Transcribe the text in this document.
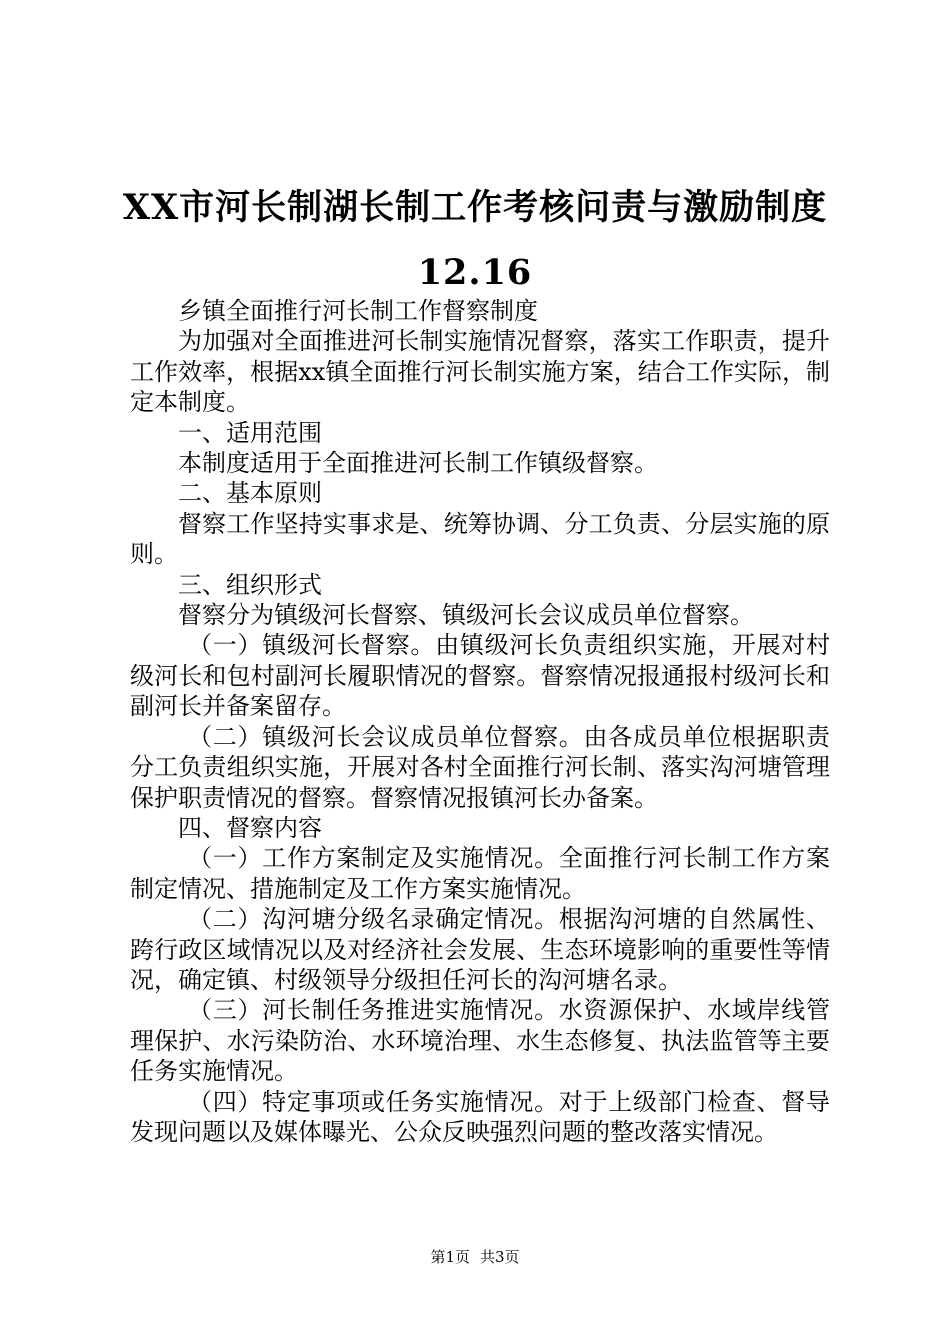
XX市河长制湖长制工作考核问责与激励制度
12.16

乡镇全面推行河长制工作督察制度

为加强对全面推进河长制实施情况督察，落实工作职责，提升工作效率，根据xx镇全面推行河长制实施方案，结合工作实际，制定本制度。

一、适用范围

本制度适用于全面推进河长制工作镇级督察。

二、基本原则

督察工作坚持实事求是、统筹协调、分工负责、分层实施的原则。

三、组织形式

督察分为镇级河长督察、镇级河长会议成员单位督察。

（一）镇级河长督察。由镇级河长负责组织实施，开展对村级河长和包村副河长履职情况的督察。督察情况报通报村级河长和副河长并备案留存。

（二）镇级河长会议成员单位督察。由各成员单位根据职责分工负责组织实施，开展对各村全面推行河长制、落实沟河塘管理保护职责情况的督察。督察情况报镇河长办备案。

四、督察内容

（一）工作方案制定及实施情况。全面推行河长制工作方案制定情况、措施制定及工作方案实施情况。

（二）沟河塘分级名录确定情况。根据沟河塘的自然属性、跨行政区域情况以及对经济社会发展、生态环境影响的重要性等情况，确定镇、村级领导分级担任河长的沟河塘名录。

（三）河长制任务推进实施情况。水资源保护、水域岸线管理保护、水污染防治、水环境治理、水生态修复、执法监管等主要任务实施情况。

（四）特定事项或任务实施情况。对于上级部门检查、督导发现问题以及媒体曝光、公众反映强烈问题的整改落实情况。

第1页 共3页
